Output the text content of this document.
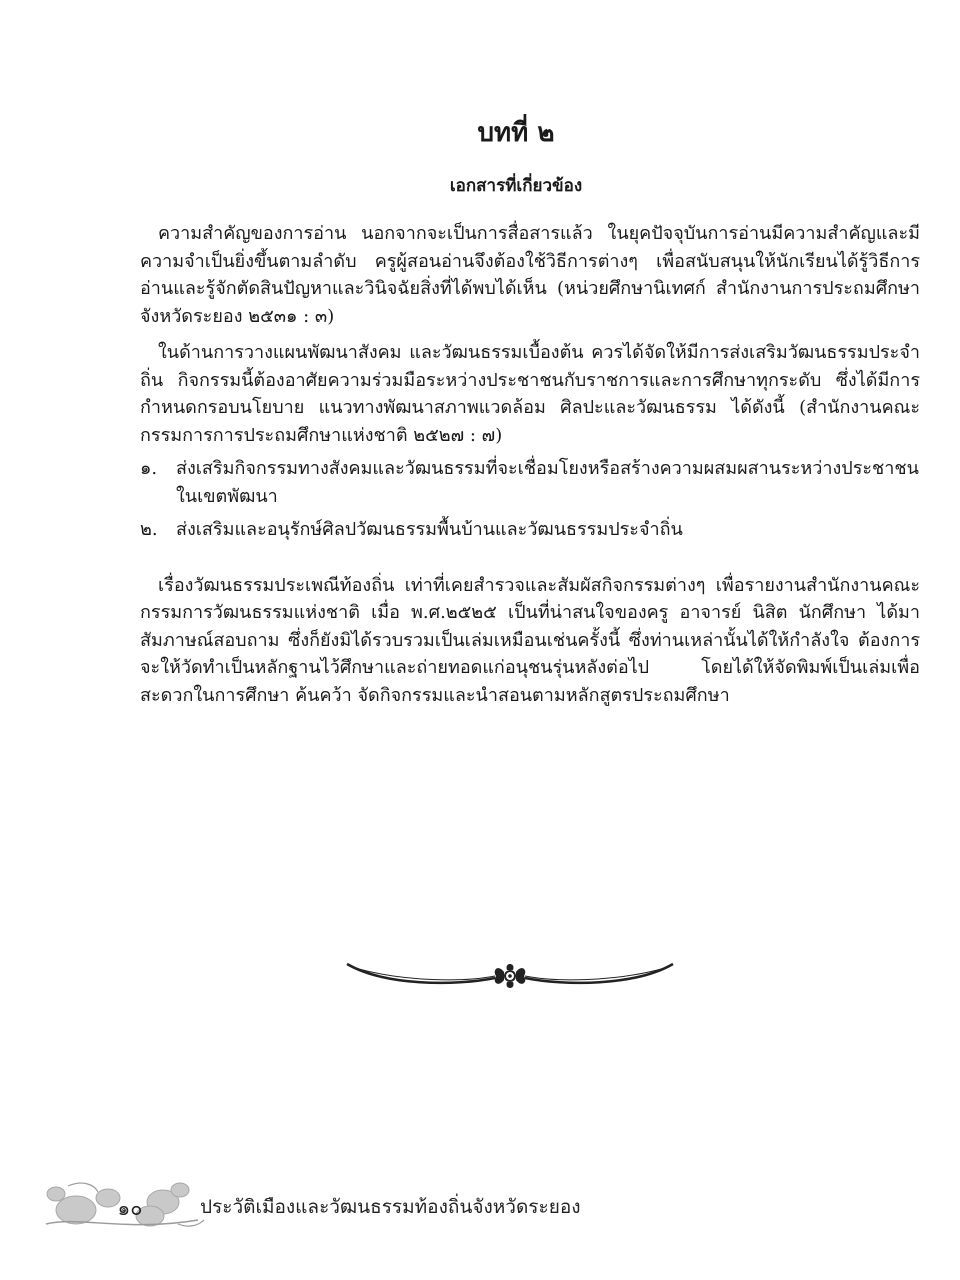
บทที่ ๒
เอกสารที่เกี่ยวข้อง

ความสำคัญของการอ่าน นอกจากจะเป็นการสื่อสารแล้ว ในยุคปัจจุบันการอ่านมีความสำคัญและมีความจำเป็นยิ่งขึ้นตามลำดับ ครูผู้สอนอ่านจึงต้องใช้วิธีการต่างๆ เพื่อสนับสนุนให้นักเรียนได้รู้วิธีการอ่านและรู้จักตัดสินปัญหาและวินิจฉัยสิ่งที่ได้พบได้เห็น (หน่วยศึกษานิเทศก์ สำนักงานการประถมศึกษาจังหวัดระยอง ๒๕๓๑ : ๓)

ในด้านการวางแผนพัฒนาสังคม และวัฒนธรรมเบื้องต้น ควรได้จัดให้มีการส่งเสริมวัฒนธรรมประจำถิ่น กิจกรรมนี้ต้องอาศัยความร่วมมือระหว่างประชาชนกับราชการและการศึกษาทุกระดับ ซึ่งได้มีการกำหนดกรอบนโยบาย แนวทางพัฒนาสภาพแวดล้อม ศิลปะและวัฒนธรรม ได้ดังนี้ (สำนักงานคณะกรรมการการประถมศึกษาแห่งชาติ ๒๕๒๗ : ๗)

๑.	ส่งเสริมกิจกรรมทางสังคมและวัฒนธรรมที่จะเชื่อมโยงหรือสร้างความผสมผสานระหว่างประชาชนในเขตพัฒนา
๒.	ส่งเสริมและอนุรักษ์ศิลปวัฒนธรรมพื้นบ้านและวัฒนธรรมประจำถิ่น

เรื่องวัฒนธรรมประเพณีท้องถิ่น เท่าที่เคยสำรวจและสัมผัสกิจกรรมต่างๆ เพื่อรายงานสำนักงานคณะกรรมการวัฒนธรรมแห่งชาติ เมื่อ พ.ศ.๒๕๒๕ เป็นที่น่าสนใจของครู อาจารย์ นิสิต นักศึกษา ได้มาสัมภาษณ์สอบถาม ซึ่งก็ยังมิได้รวบรวมเป็นเล่มเหมือนเช่นครั้งนี้ ซึ่งท่านเหล่านั้นได้ให้กำลังใจ ต้องการจะให้วัดทำเป็นหลักฐานไว้ศึกษาและถ่ายทอดแก่อนุชนรุ่นหลังต่อไป โดยได้ให้จัดพิมพ์เป็นเล่มเพื่อสะดวกในการศึกษา ค้นคว้า จัดกิจกรรมและนำสอนตามหลักสูตรประถมศึกษา

๑๐	ประวัติเมืองและวัฒนธรรมท้องถิ่นจังหวัดระยอง
